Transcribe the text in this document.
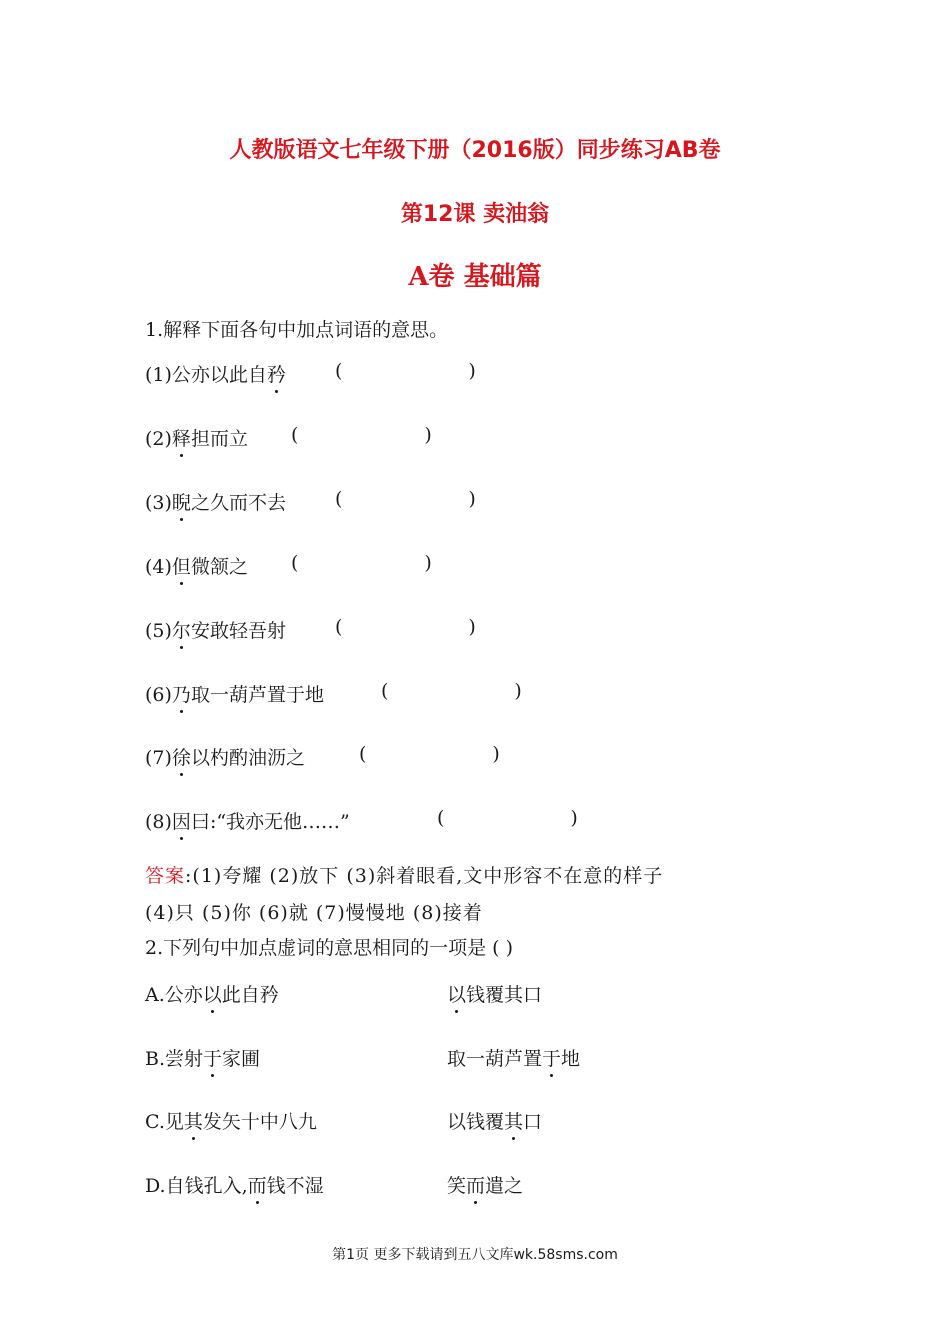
人教版语文七年级下册（2016版）同步练习AB卷
第12课 卖油翁
A卷 基础篇
1.解释下面各句中加点词语的意思。
(1)公亦以此自矜	(	)
(2)释担而立 (	)
(3)睨之久而不去	(	)
(4)但微颔之 (	)
(5)尔安敢轻吾射	(	)
(6)乃取一葫芦置于地	(	)
(7)徐以杓酌油沥之	(	)
(8)因曰:“我亦无他……”	(	)
答案:(1)夸耀 (2)放下 (3)斜着眼看,文中形容不在意的样子
(4)只 (5)你 (6)就 (7)慢慢地 (8)接着
2.下列句中加点虚词的意思相同的一项是 ( )
A.公亦以此自矜	以钱覆其口
B.尝射于家圃	取一葫芦置于地
C.见其发矢十中八九	以钱覆其口
D.自钱孔入,而钱不湿	笑而遣之
第1页 更多下载请到五八文库wk.58sms.com
